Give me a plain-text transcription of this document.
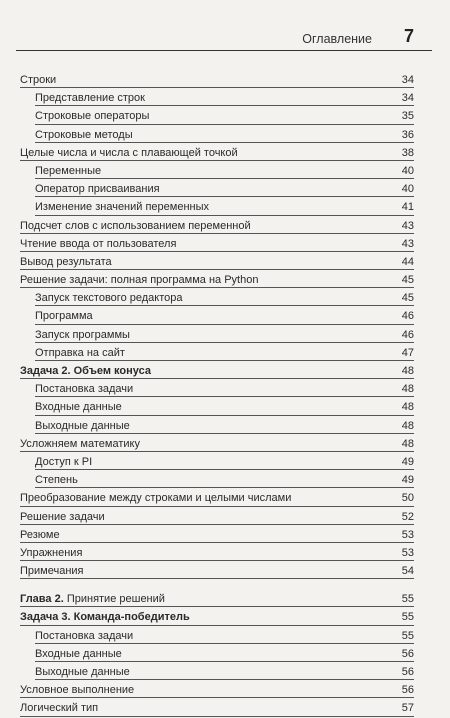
Оглавление 7
Строки	34
Представление строк	34
Строковые операторы	35
Строковые методы	36
Целые числа и числа с плавающей точкой	38
Переменные	40
Оператор присваивания	40
Изменение значений переменных	41
Подсчет слов с использованием переменной	43
Чтение ввода от пользователя	43
Вывод результата	44
Решение задачи: полная программа на Python	45
Запуск текстового редактора	45
Программа	46
Запуск программы	46
Отправка на сайт	47
Задача 2. Объем конуса	48
Постановка задачи	48
Входные данные	48
Выходные данные	48
Усложняем математику	48
Доступ к PI	49
Степень	49
Преобразование между строками и целыми числами	50
Решение задачи	52
Резюме	53
Упражнения	53
Примечания	54
Глава 2. Принятие решений	55
Задача 3. Команда-победитель	55
Постановка задачи	55
Входные данные	56
Выходные данные	56
Условное выполнение	56
Логический тип	57
